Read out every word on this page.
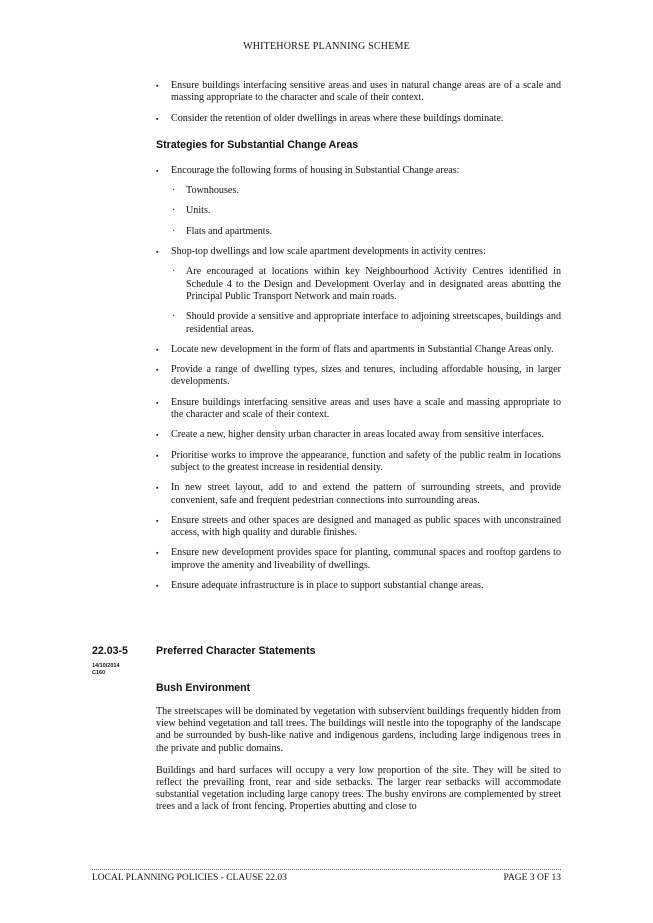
WHITEHORSE PLANNING SCHEME
▪ Ensure buildings interfacing sensitive areas and uses in natural change areas are of a scale and massing appropriate to the character and scale of their context.
▪ Consider the retention of older dwellings in areas where these buildings dominate.
Strategies for Substantial Change Areas
▪ Encourage the following forms of housing in Substantial Change areas:
· Townhouses.
· Units.
· Flats and apartments.
▪ Shop-top dwellings and low scale apartment developments in activity centres:
· Are encouraged at locations within key Neighbourhood Activity Centres identified in Schedule 4 to the Design and Development Overlay and in designated areas abutting the Principal Public Transport Network and main roads.
· Should provide a sensitive and appropriate interface to adjoining streetscapes, buildings and residential areas.
▪ Locate new development in the form of flats and apartments in Substantial Change Areas only.
▪ Provide a range of dwelling types, sizes and tenures, including affordable housing, in larger developments.
▪ Ensure buildings interfacing sensitive areas and uses have a scale and massing appropriate to the character and scale of their context.
▪ Create a new, higher density urban character in areas located away from sensitive interfaces.
▪ Prioritise works to improve the appearance, function and safety of the public realm in locations subject to the greatest increase in residential density.
▪ In new street layout, add to and extend the pattern of surrounding streets, and provide convenient, safe and frequent pedestrian connections into surrounding areas.
▪ Ensure streets and other spaces are designed and managed as public spaces with unconstrained access, with high quality and durable finishes.
▪ Ensure new development provides space for planting, communal spaces and rooftop gardens to improve the amenity and liveability of dwellings.
▪ Ensure adequate infrastructure is in place to support substantial change areas.
22.03-5
14/10/2014
C160
Preferred Character Statements
Bush Environment

The streetscapes will be dominated by vegetation with subservient buildings frequently hidden from view behind vegetation and tall trees. The buildings will nestle into the topography of the landscape and be surrounded by bush-like native and indigenous gardens, including large indigenous trees in the private and public domains.

Buildings and hard surfaces will occupy a very low proportion of the site. They will be sited to reflect the prevailing front, rear and side setbacks. The larger rear setbacks will accommodate substantial vegetation including large canopy trees. The bushy environs are complemented by street trees and a lack of front fencing. Properties abutting and close to

LOCAL PLANNING POLICIES - CLAUSE 22.03	PAGE 3 OF 13
